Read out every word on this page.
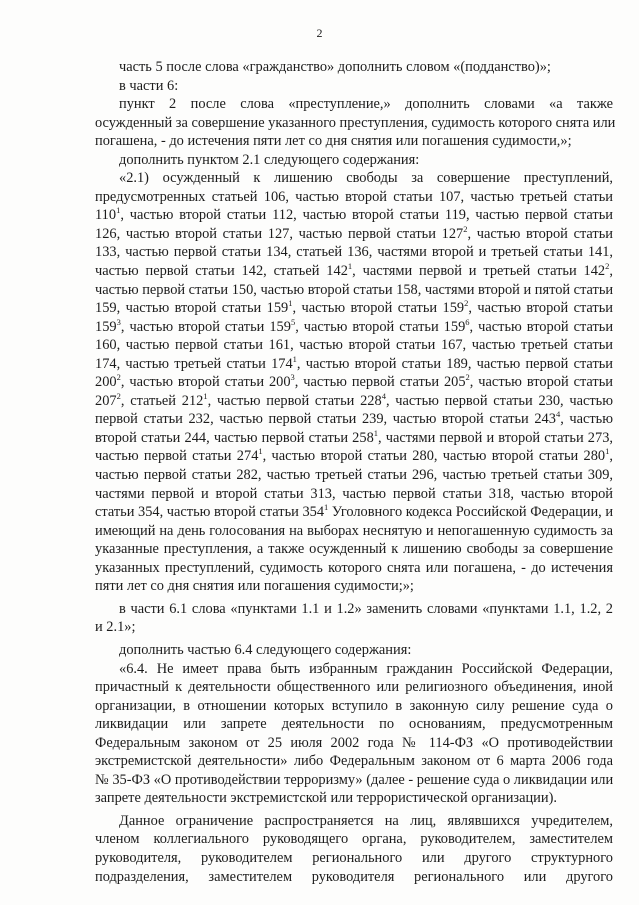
2
часть 5 после слова «гражданство» дополнить словом «(подданство)»;
в части 6:
пункт 2 после слова «преступление,» дополнить словами «а также
осужденный за совершение указанного преступления, судимость которого снята или
погашена, - до истечения пяти лет со дня снятия или погашения судимости,»;
дополнить пунктом 2.1 следующего содержания:
«2.1) осужденный к лишению свободы за совершение преступлений,
предусмотренных статьей 106, частью второй статьи 107, частью третьей статьи
$110^1$, частью второй статьи 112, частью второй статьи 119, частью первой статьи
126, частью второй статьи 127, частью первой статьи $127^2$, частью второй статьи
133, частью первой статьи 134, статьей 136, частями второй и третьей статьи 141,
частью первой статьи 142, статьей $142^1$, частями первой и третьей статьи $142^2$,
частью первой статьи 150, частью второй статьи 158, частями второй и пятой статьи
159, частью второй статьи $159^1$, частью второй статьи $159^2$, частью второй статьи
$159^3$, частью второй статьи $159^5$, частью второй статьи $159^6$, частью второй статьи
160, частью первой статьи 161, частью второй статьи 167, частью третьей статьи
174, частью третьей статьи $174^1$, частью второй статьи 189, частью первой статьи
$200^2$, частью второй статьи $200^3$, частью первой статьи $205^2$, частью второй статьи
$207^2$, статьей $212^1$, частью первой статьи $228^4$, частью первой статьи 230, частью
первой статьи 232, частью первой статьи 239, частью второй статьи $243^4$, частью
второй статьи 244, частью первой статьи $258^1$, частями первой и второй статьи 273,
частью первой статьи $274^1$, частью второй статьи 280, частью второй статьи $280^1$,
частью первой статьи 282, частью третьей статьи 296, частью третьей статьи 309,
частями первой и второй статьи 313, частью первой статьи 318, частью второй
статьи 354, частью второй статьи $354^1$ Уголовного кодекса Российской Федерации, и
имеющий на день голосования на выборах неснятую и непогашенную судимость за
указанные преступления, а также осужденный к лишению свободы за совершение
указанных преступлений, судимость которого снята или погашена, - до истечения
пяти лет со дня снятия или погашения судимости;»;
в части 6.1 слова «пунктами 1.1 и 1.2» заменить словами «пунктами 1.1, 1.2, 2
и 2.1»;
дополнить частью 6.4 следующего содержания:
«6.4. Не имеет права быть избранным гражданин Российской Федерации,
причастный к деятельности общественного или религиозного объединения, иной
организации, в отношении которых вступило в законную силу решение суда о
ликвидации или запрете деятельности по основаниям, предусмотренным
Федеральным законом от 25 июля 2002 года № 114-ФЗ «О противодействии
экстремистской деятельности» либо Федеральным законом от 6 марта 2006 года
№ 35-ФЗ «О противодействии терроризму» (далее - решение суда о ликвидации или
запрете деятельности экстремистской или террористической организации).
Данное ограничение распространяется на лиц, являвшихся учредителем,
членом коллегиального руководящего органа, руководителем, заместителем
руководителя, руководителем регионального или другого структурного
подразделения, заместителем руководителя регионального или другого
